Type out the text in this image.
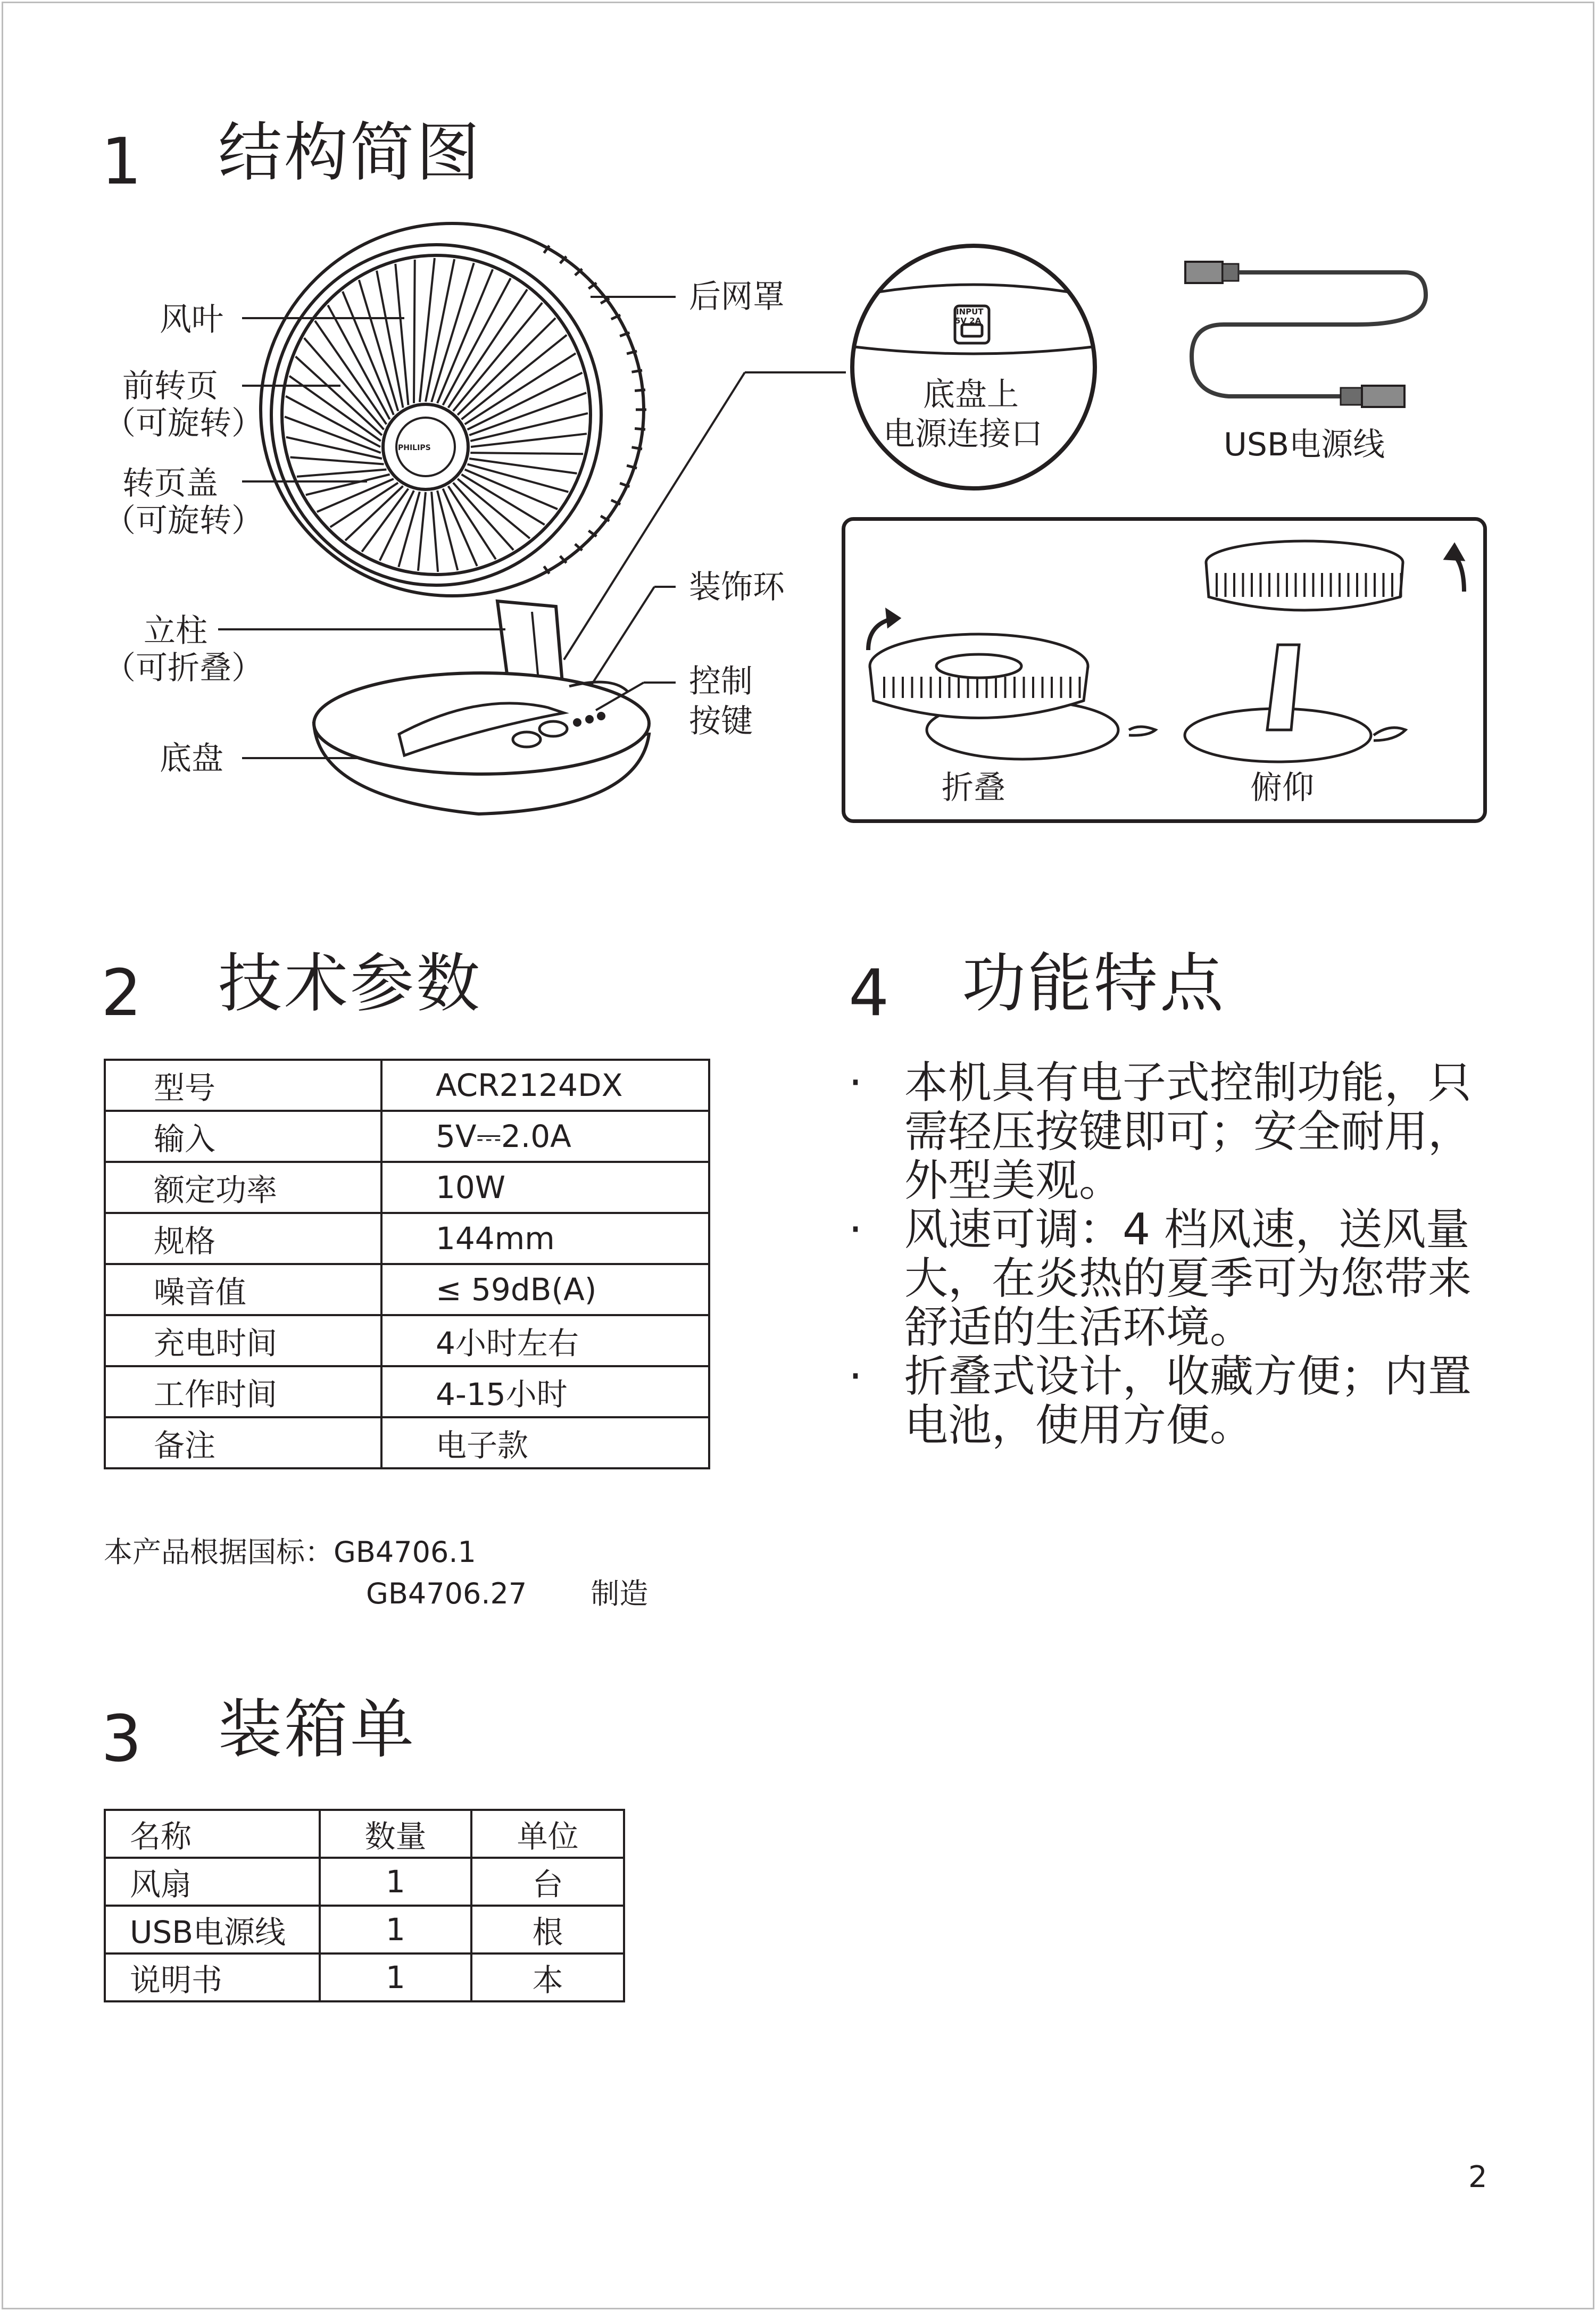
1 结构简图
风叶
前转页
（可旋转）
转页盖
（可旋转）
立柱
（可折叠）
底盘
后网罩
装饰环
控制
按键
PHILIPS
INPUT
5V 2A
底盘上
电源连接口	USB电源线
折叠	俯仰
2 技术参数
型号	ACR2124DX
输入	5V⎓2.0A
额定功率	10W
规格	144mm
噪音值	≤ 59dB(A)
充电时间	4小时左右
工作时间	4-15小时
备注	电子款
本产品根据国标：GB4706.1
GB4706.27       制造
3 装箱单
名称	数量	单位
风扇	1	台
USB电源线	1	根
说明书	1	本
4 功能特点
· 本机具有电子式控制功能，只需轻压按键即可；安全耐用，外型美观。
· 风速可调：4 档风速，送风量大，在炎热的夏季可为您带来舒适的生活环境。
· 折叠式设计，收藏方便；内置电池，使用方便。
2
